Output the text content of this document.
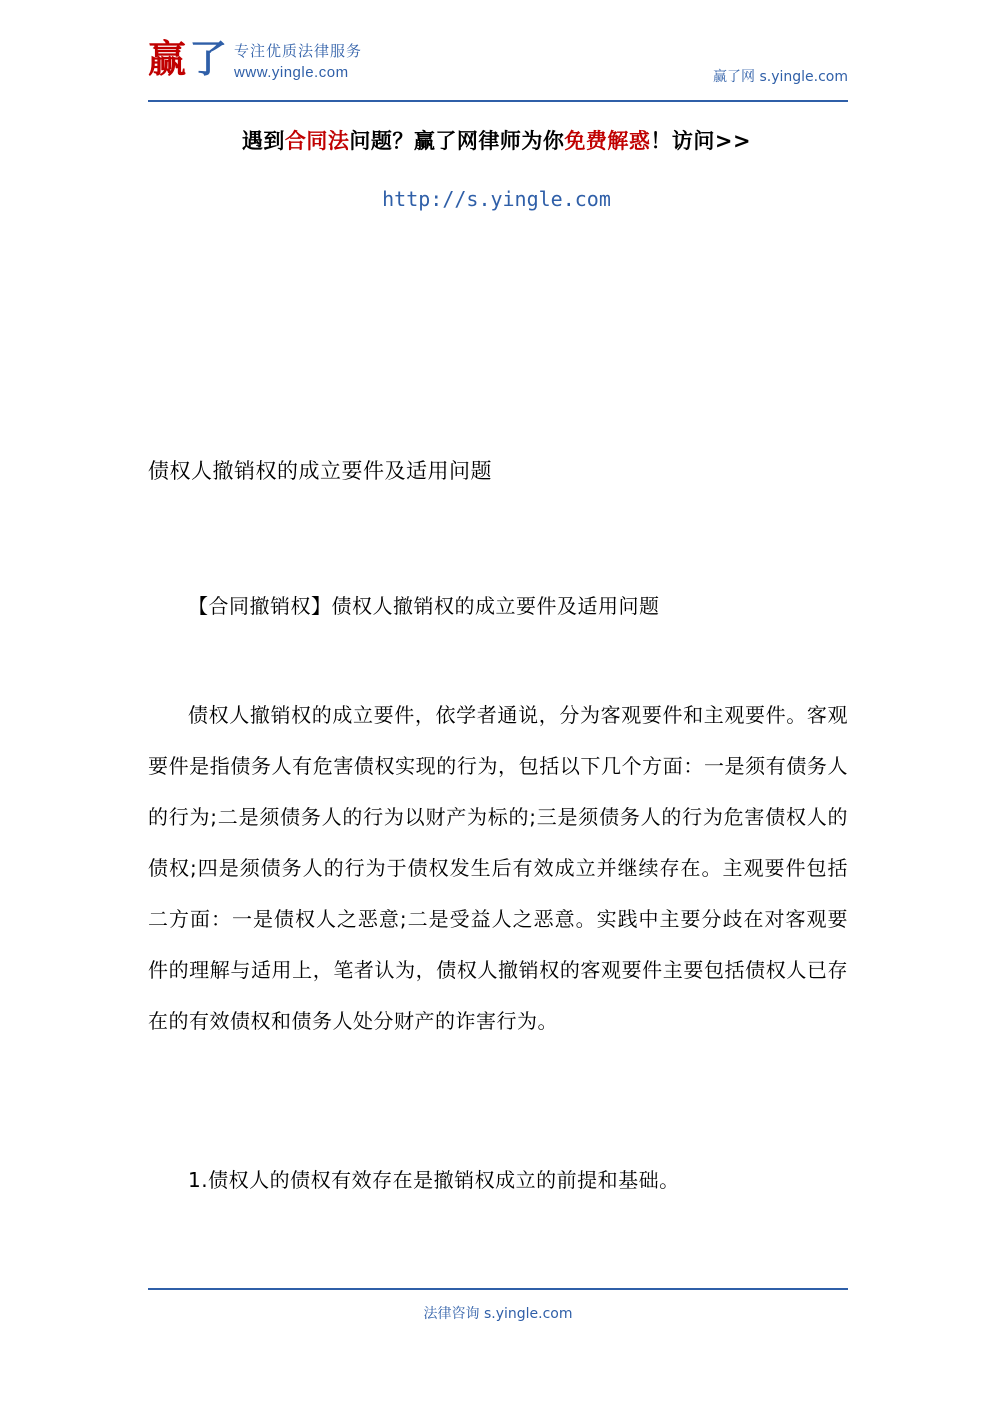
赢 了 专注优质法律服务
www.yingle.com	赢了网 s.yingle.com
遇到合同法问题？赢了网律师为你免费解惑！访问>>
http://s.yingle.com
债权人撤销权的成立要件及适用问题
【合同撤销权】债权人撤销权的成立要件及适用问题
债权人撤销权的成立要件，依学者通说，分为客观要件和主观要件。客观要件是指债务人有危害债权实现的行为，包括以下几个方面：一是须有债务人的行为;二是须债务人的行为以财产为标的;三是须债务人的行为危害债权人的债权;四是须债务人的行为于债权发生后有效成立并继续存在。主观要件包括二方面：一是债权人之恶意;二是受益人之恶意。实践中主要分歧在对客观要件的理解与适用上，笔者认为，债权人撤销权的客观要件主要包括债权人已存在的有效债权和债务人处分财产的诈害行为。
1.债权人的债权有效存在是撤销权成立的前提和基础。
法律咨询 s.yingle.com
